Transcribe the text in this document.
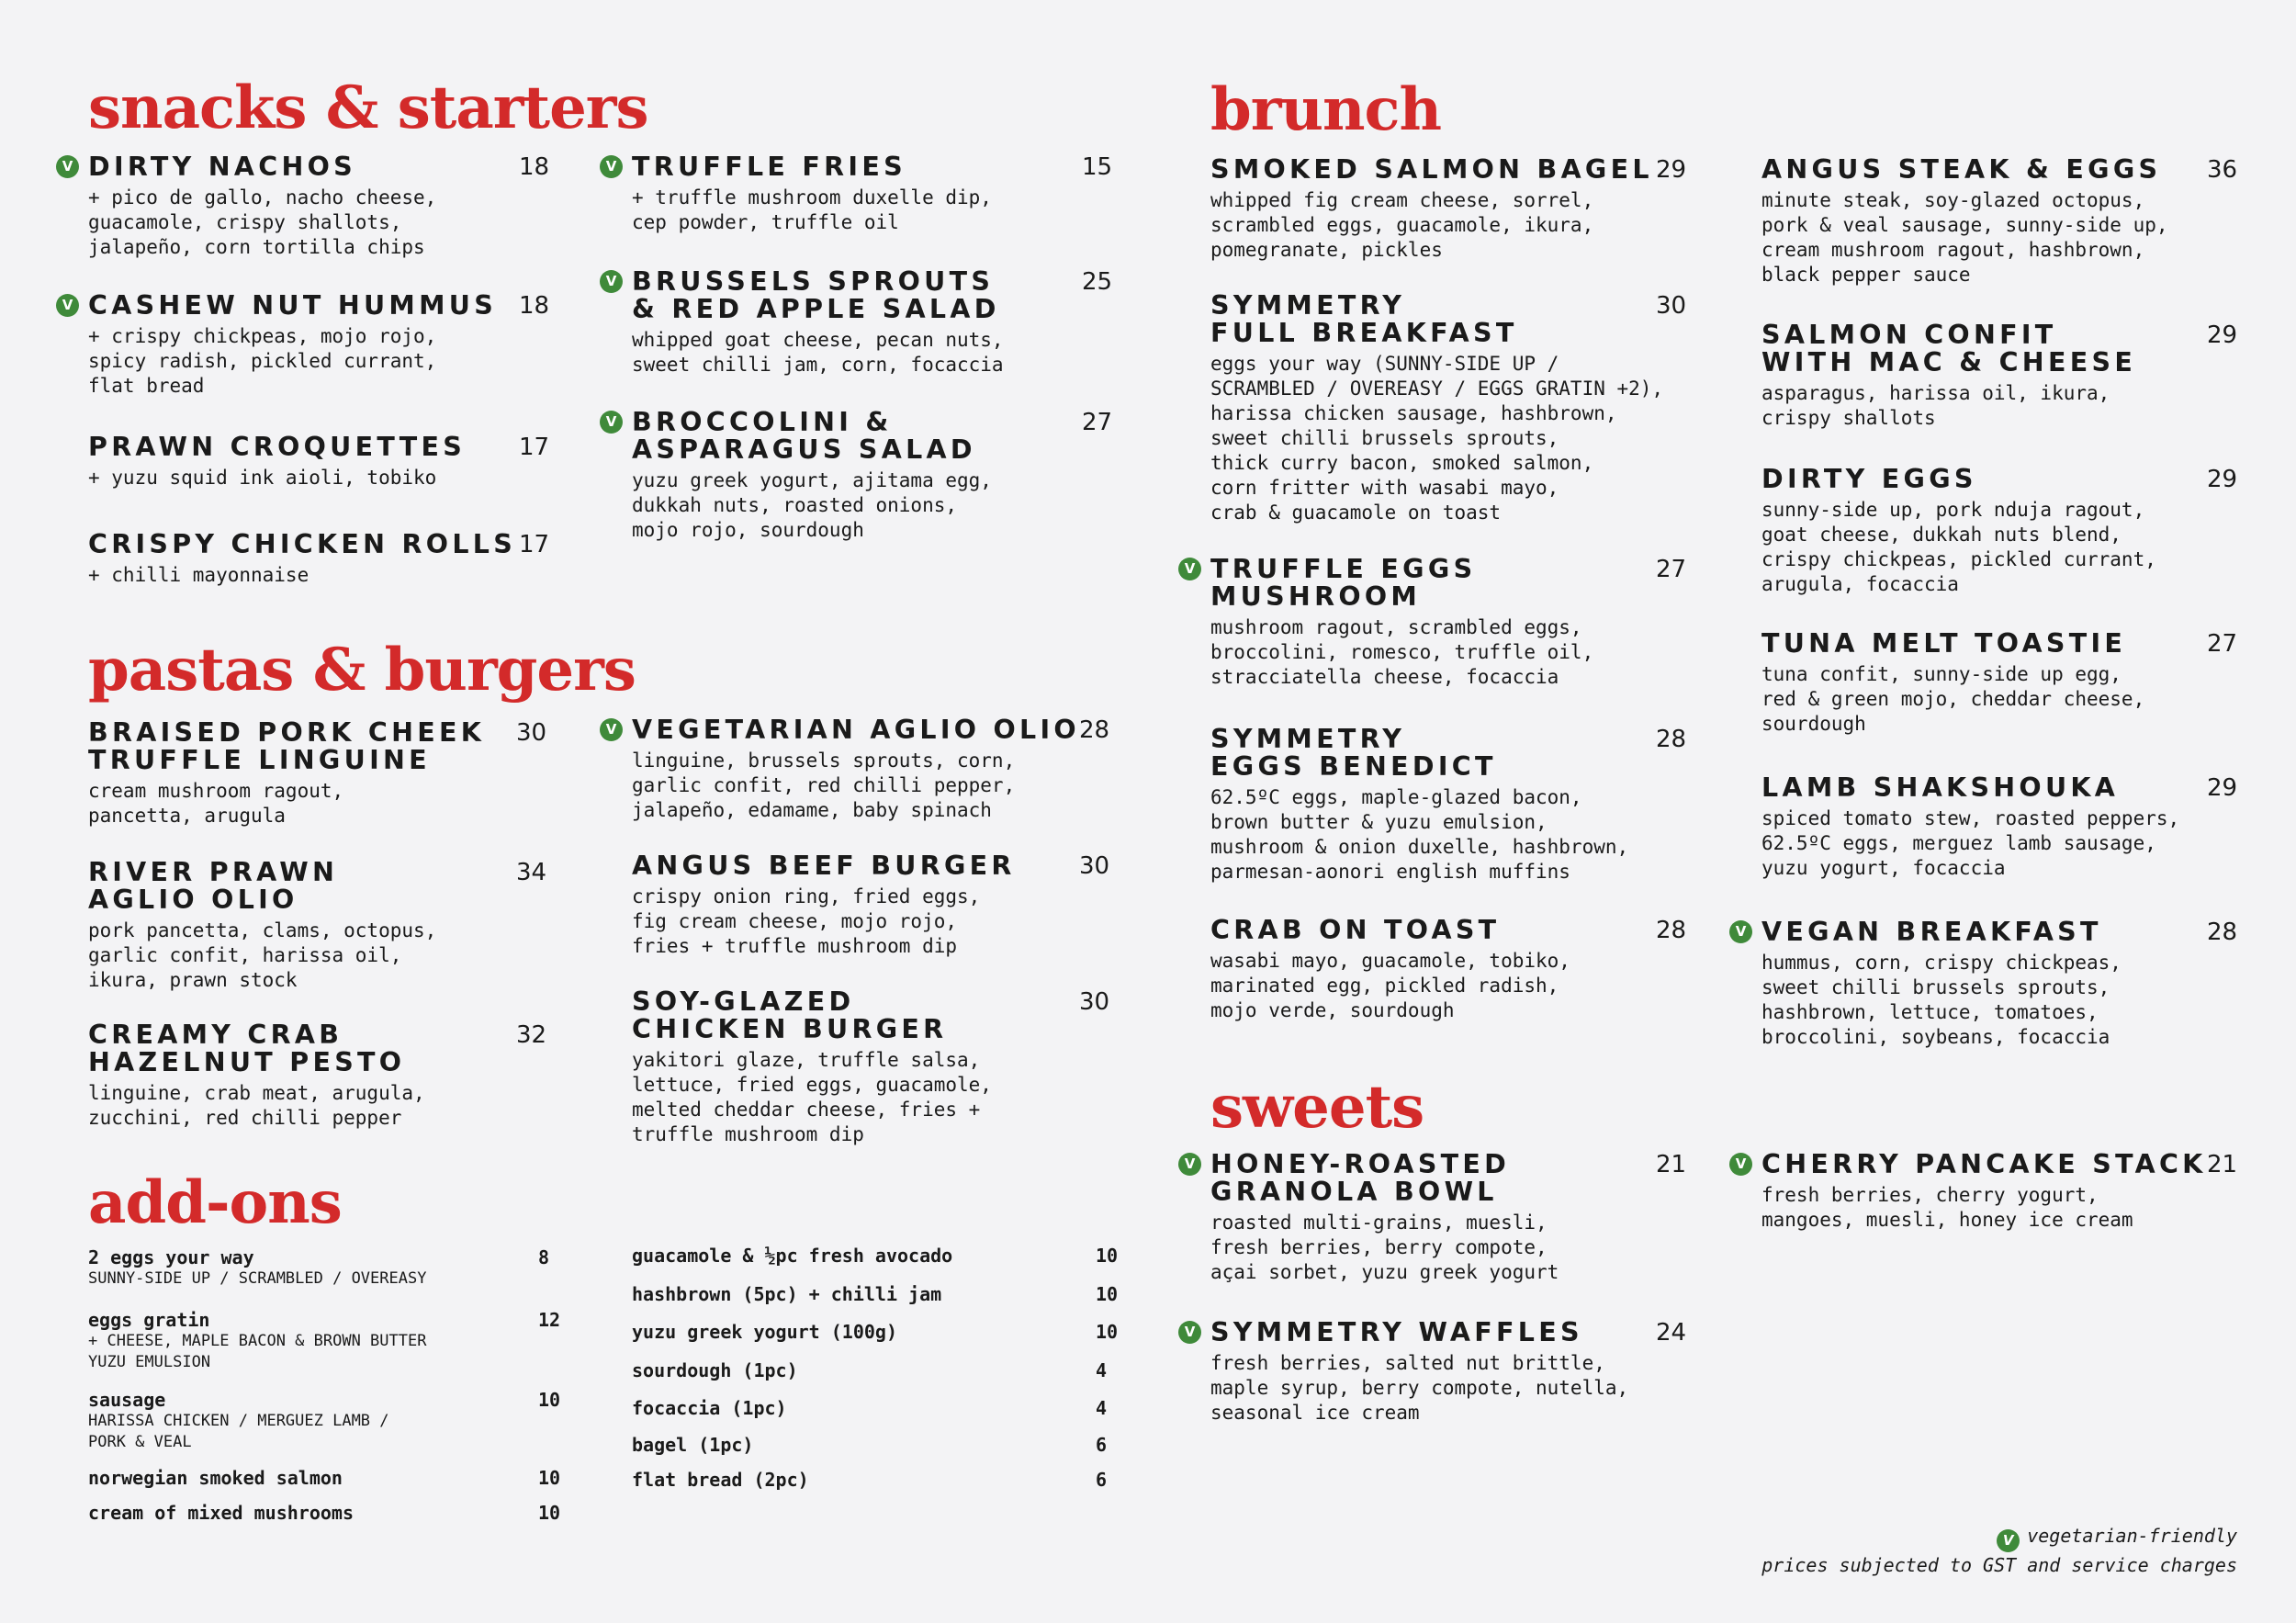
snacks & starters
pastas & burgers
add-ons
brunch
sweets
V DIRTY NACHOS	18
+ pico de gallo, nacho cheese,
guacamole, crispy shallots,
jalapeño, corn tortilla chips
V CASHEW NUT HUMMUS 18
+ crispy chickpeas, mojo rojo,
spicy radish, pickled currant,
flat bread
PRAWN CROQUETTES 17
+ yuzu squid ink aioli, tobiko
CRISPY CHICKEN ROLLS 17
+ chilli mayonnaise
V TRUFFLE FRIES	15
+ truffle mushroom duxelle dip,
cep powder, truffle oil
V BRUSSELS SPROUTS
& RED APPLE SALAD
25
whipped goat cheese, pecan nuts,
sweet chilli jam, corn, focaccia
V BROCCOLINI &
ASPARAGUS SALAD
27
yuzu greek yogurt, ajitama egg,
dukkah nuts, roasted onions,
mojo rojo, sourdough
BRAISED PORK CHEEK
TRUFFLE LINGUINE
30
cream mushroom ragout,
pancetta, arugula
RIVER PRAWN
AGLIO OLIO
34
pork pancetta, clams, octopus,
garlic confit, harissa oil,
ikura, prawn stock
CREAMY CRAB
HAZELNUT PESTO
32
linguine, crab meat, arugula,
zucchini, red chilli pepper
V VEGETARIAN AGLIO OLIO 28
linguine, brussels sprouts, corn,
garlic confit, red chilli pepper,
jalapeño, edamame, baby spinach
ANGUS BEEF BURGER	30
crispy onion ring, fried eggs,
fig cream cheese, mojo rojo,
fries + truffle mushroom dip
SOY-GLAZED
CHICKEN BURGER
30
yakitori glaze, truffle salsa,
lettuce, fried eggs, guacamole,
melted cheddar cheese, fries +
truffle mushroom dip
SMOKED SALMON BAGEL 29
whipped fig cream cheese, sorrel,
scrambled eggs, guacamole, ikura,
pomegranate, pickles
SYMMETRY
FULL BREAKFAST
30
eggs your way (SUNNY-SIDE UP /
SCRAMBLED / OVEREASY / EGGS GRATIN +2),
harissa chicken sausage, hashbrown,
sweet chilli brussels sprouts,
thick curry bacon, smoked salmon,
corn fritter with wasabi mayo,
crab & guacamole on toast
V TRUFFLE EGGS
MUSHROOM
27
mushroom ragout, scrambled eggs,
broccolini, romesco, truffle oil,
stracciatella cheese, focaccia
SYMMETRY
EGGS BENEDICT
28
62.5ºC eggs, maple-glazed bacon,
brown butter & yuzu emulsion,
mushroom & onion duxelle, hashbrown,
parmesan-aonori english muffins
CRAB ON TOAST	28
wasabi mayo, guacamole, tobiko,
marinated egg, pickled radish,
mojo verde, sourdough
ANGUS STEAK & EGGS 36
minute steak, soy-glazed octopus,
pork & veal sausage, sunny-side up,
cream mushroom ragout, hashbrown,
black pepper sauce
SALMON CONFIT
WITH MAC & CHEESE
29
asparagus, harissa oil, ikura,
crispy shallots
DIRTY EGGS	29
sunny-side up, pork nduja ragout,
goat cheese, dukkah nuts blend,
crispy chickpeas, pickled currant,
arugula, focaccia
TUNA MELT TOASTIE	27
tuna confit, sunny-side up egg,
red & green mojo, cheddar cheese,
sourdough
LAMB SHAKSHOUKA	29
spiced tomato stew, roasted peppers,
62.5ºC eggs, merguez lamb sausage,
yuzu yogurt, focaccia
V VEGAN BREAKFAST	28
hummus, corn, crispy chickpeas,
sweet chilli brussels sprouts,
hashbrown, lettuce, tomatoes,
broccolini, soybeans, focaccia
V HONEY-ROASTED
GRANOLA BOWL
21
roasted multi-grains, muesli,
fresh berries, berry compote,
açai sorbet, yuzu greek yogurt
V SYMMETRY WAFFLES	24
fresh berries, salted nut brittle,
maple syrup, berry compote, nutella,
seasonal ice cream
V CHERRY PANCAKE STACK 21
fresh berries, cherry yogurt,
mangoes, muesli, honey ice cream
2 eggs your way	8
SUNNY-SIDE UP / SCRAMBLED / OVEREASY
eggs gratin	12
+ CHEESE, MAPLE BACON & BROWN BUTTER
YUZU EMULSION
sausage	10
HARISSA CHICKEN / MERGUEZ LAMB /
PORK & VEAL
norwegian smoked salmon	10
cream of mixed mushrooms	10
guacamole & ½pc fresh avocado	10
hashbrown (5pc) + chilli jam	10
yuzu greek yogurt (100g)	10
sourdough (1pc)	4
focaccia (1pc)	4
bagel (1pc)	6
flat bread (2pc)	6
V vegetarian-friendly
prices subjected to GST and service charges
